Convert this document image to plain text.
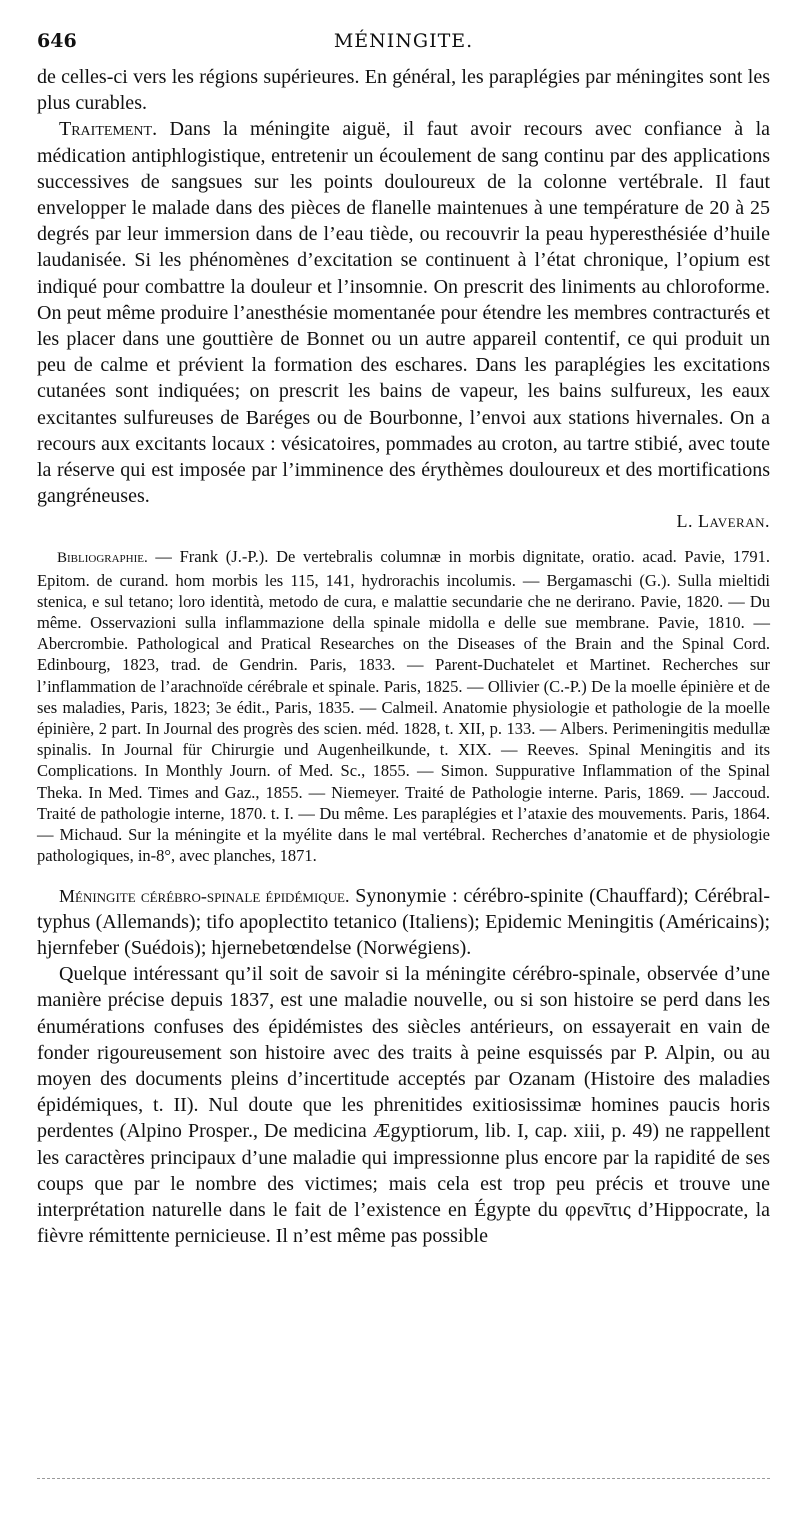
646	MÉNINGITE.

de celles-ci vers les régions supérieures. En général, les paraplégies par méningites sont les plus curables.

Traitement. Dans la méningite aiguë, il faut avoir recours avec confiance à la médication antiphlogistique, entretenir un écoulement de sang continu par des applications successives de sangsues sur les points douloureux de la colonne vertébrale. Il faut envelopper le malade dans des pièces de flanelle maintenues à une température de 20 à 25 degrés par leur immersion dans de l’eau tiède, ou recouvrir la peau hyperesthésiée d’huile laudanisée. Si les phénomènes d’excitation se continuent à l’état chronique, l’opium est indiqué pour combattre la douleur et l’insomnie. On prescrit des liniments au chloroforme. On peut même produire l’anesthésie momentanée pour étendre les membres contracturés et les placer dans une gouttière de Bonnet ou un autre appareil contentif, ce qui produit un peu de calme et prévient la formation des eschares. Dans les paraplégies les excitations cutanées sont indiquées; on prescrit les bains de vapeur, les bains sulfureux, les eaux excitantes sulfureuses de Baréges ou de Bourbonne, l’envoi aux stations hivernales. On a recours aux excitants locaux : vésicatoires, pommades au croton, au tartre stibié, avec toute la réserve qui est imposée par l’imminence des érythèmes douloureux et des mortifications gangréneuses.

L. Laveran.

Bibliographie. — Frank (J.-P.). De vertebralis columnæ in morbis dignitate, oratio. acad. Pavie, 1791. Epitom. de curand. hom morbis les 115, 141, hydrorachis incolumis. — Bergamaschi (G.). Sulla mieltidi stenica, e sul tetano; loro identità, metodo de cura, e malattie secundarie che ne derirano. Pavie, 1820. — Du même. Osservazioni sulla inflammazione della spinale midolla e delle sue membrane. Pavie, 1810. — Abercrombie. Pathological and Pratical Researches on the Diseases of the Brain and the Spinal Cord. Edinbourg, 1823, trad. de Gendrin. Paris, 1833. — Parent-Duchatelet et Martinet. Recherches sur l’inflammation de l’arachnoïde cérébrale et spinale. Paris, 1825. — Ollivier (C.-P.) De la moelle épinière et de ses maladies, Paris, 1823; 3e édit., Paris, 1835. — Calmeil. Anatomie physiologie et pathologie de la moelle épinière, 2 part. In Journal des progrès des scien. méd. 1828, t. XII, p. 133. — Albers. Perimeningitis medullæ spinalis. In Journal für Chirurgie und Augenheilkunde, t. XIX. — Reeves. Spinal Meningitis and its Complications. In Monthly Journ. of Med. Sc., 1855. — Simon. Suppurative Inflammation of the Spinal Theka. In Med. Times and Gaz., 1855. — Niemeyer. Traité de Pathologie interne. Paris, 1869. — Jaccoud. Traité de pathologie interne, 1870. t. I. — Du même. Les paraplégies et l’ataxie des mouvements. Paris, 1864. — Michaud. Sur la méningite et la myélite dans le mal vertébral. Recherches d’anatomie et de physiologie pathologiques, in-8°, avec planches, 1871.

Méningite cérébro-spinale épidémique. Synonymie : cérébro-spinite (Chauffard); Cérébral-typhus (Allemands); tifo apoplectito tetanico (Italiens); Epidemic Meningitis (Américains); hjernfeber (Suédois); hjernebetœndelse (Norwégiens).

Quelque intéressant qu’il soit de savoir si la méningite cérébro-spinale, observée d’une manière précise depuis 1837, est une maladie nouvelle, ou si son histoire se perd dans les énumérations confuses des épidémistes des siècles antérieurs, on essayerait en vain de fonder rigoureusement son histoire avec des traits à peine esquissés par P. Alpin, ou au moyen des documents pleins d’incertitude acceptés par Ozanam (Histoire des maladies épidémiques, t. II). Nul doute que les phrenitides exitiosissimæ homines paucis horis perdentes (Alpino Prosper., De medicina Ægyptiorum, lib. I, cap. xiii, p. 49) ne rappellent les caractères principaux d’une maladie qui impressionne plus encore par la rapidité de ses coups que par le nombre des victimes; mais cela est trop peu précis et trouve une interprétation naturelle dans le fait de l’existence en Égypte du φρενῖτις d’Hippocrate, la fièvre rémittente pernicieuse. Il n’est même pas possible
